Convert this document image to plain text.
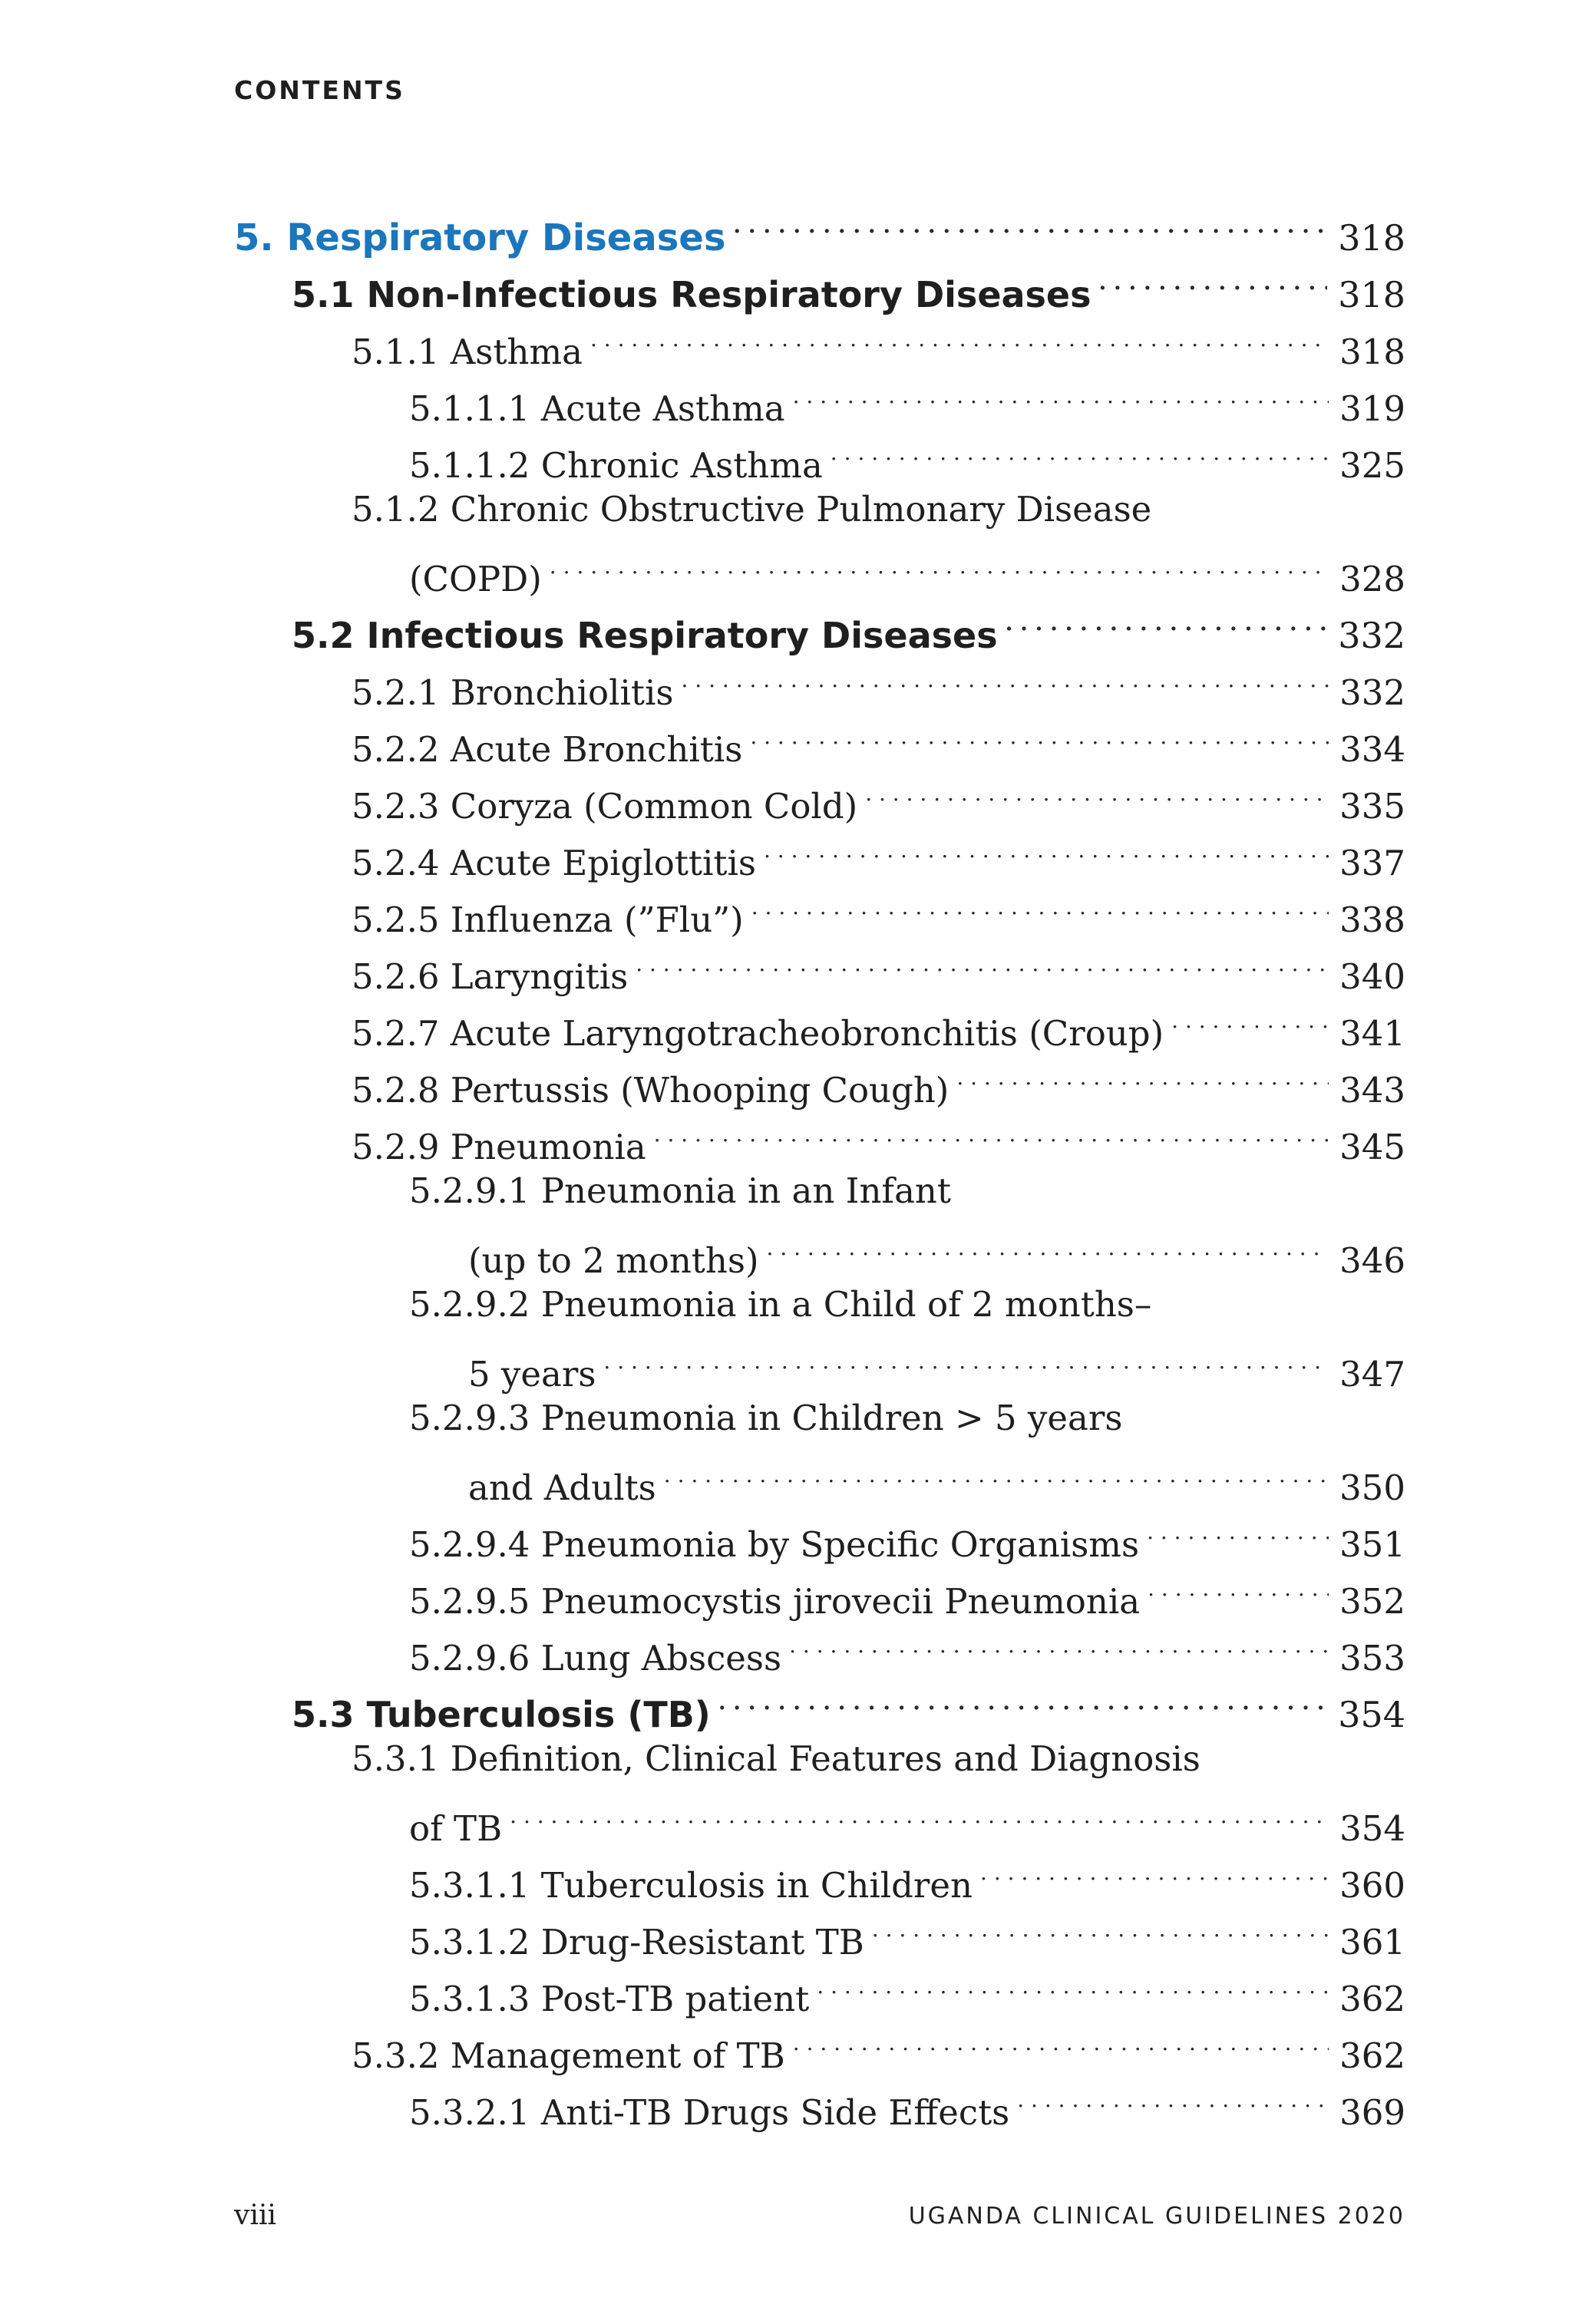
CONTENTS
5. Respiratory Diseases . . .	318
5.1 Non-Infectious Respiratory Diseases . . .	318
5.1.1 Asthma . . .	318
5.1.1.1 Acute Asthma . . .	319
5.1.1.2 Chronic Asthma . . .	325
5.1.2 Chronic Obstructive Pulmonary Disease
(COPD) . . .	328
5.2 Infectious Respiratory Diseases . . .	332
5.2.1 Bronchiolitis . . .	332
5.2.2 Acute Bronchitis . . .	334
5.2.3 Coryza (Common Cold) . . .	335
5.2.4 Acute Epiglottitis . . .	337
5.2.5 Influenza (”Flu”) . . .	338
5.2.6 Laryngitis . . .	340
5.2.7 Acute Laryngotracheobronchitis (Croup) . . .	341
5.2.8 Pertussis (Whooping Cough) . . .	343
5.2.9 Pneumonia . . .	345
5.2.9.1 Pneumonia in an Infant
(up to 2 months) . . .	346
5.2.9.2 Pneumonia in a Child of 2 months–
5 years . . .	347
5.2.9.3 Pneumonia in Children > 5 years
and Adults . . .	350
5.2.9.4 Pneumonia by Specific Organisms . . .	351
5.2.9.5 Pneumocystis jirovecii Pneumonia . . .	352
5.2.9.6 Lung Abscess . . .	353
5.3 Tuberculosis (TB) . . .	354
5.3.1 Definition, Clinical Features and Diagnosis
of TB . . .	354
5.3.1.1 Tuberculosis in Children . . .	360
5.3.1.2 Drug-Resistant TB . . .	361
5.3.1.3 Post-TB patient . . .	362
5.3.2 Management of TB . . .	362
5.3.2.1 Anti-TB Drugs Side Effects . . .	369
viii	UGANDA CLINICAL GUIDELINES 2020
